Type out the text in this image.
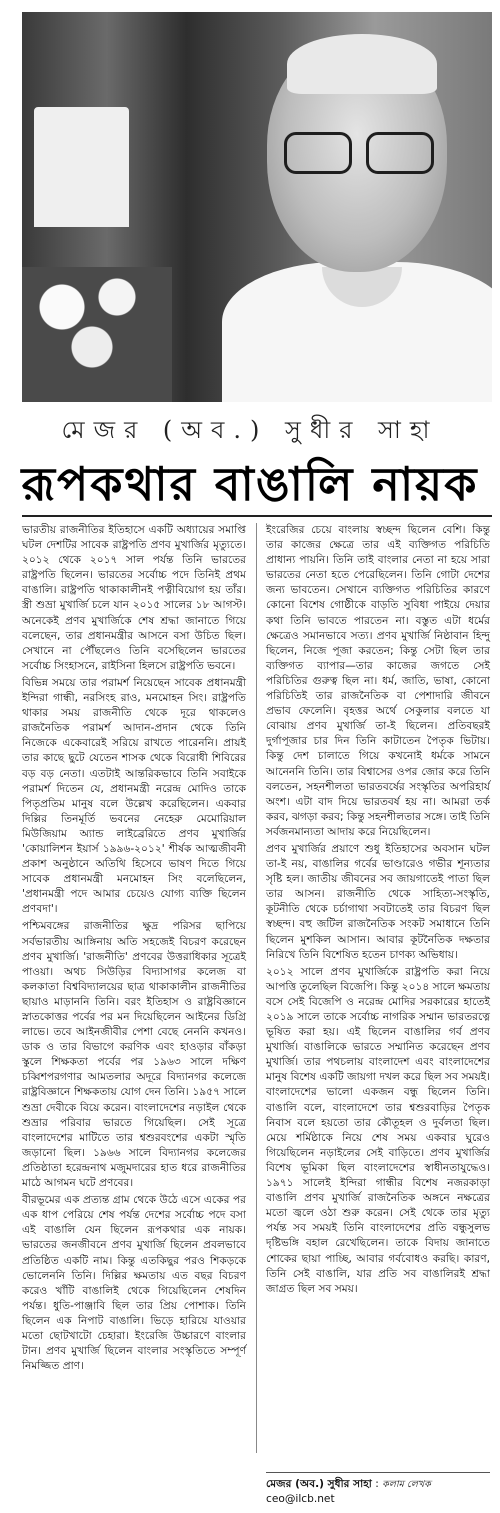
মেজর (অব.) সুধীর সাহা
রূপকথার বাঙালি নায়ক

ভারতীয় রাজনীতির ইতিহাসে একটি অধ্যায়ের সমাপ্তি ঘটল দেশটির সাবেক রাষ্ট্রপতি প্রণব মুখার্জির মৃত্যুতে। ২০১২ থেকে ২০১৭ সাল পর্যন্ত তিনি ভারতের রাষ্ট্রপতি ছিলেন। ভারতের সর্বোচ্চ পদে তিনিই প্রথম বাঙালি। রাষ্ট্রপতি থাকাকালীনই পত্নীবিয়োগ হয় তাঁর। স্ত্রী শুভ্রা মুখার্জি চলে যান ২০১৫ সালের ১৮ আগস্ট। অনেকেই প্রণব মুখার্জিকে শেষ শ্রদ্ধা জানাতে গিয়ে বলেছেন, তার প্রধানমন্ত্রীর আসনে বসা উচিত ছিল। সেখানে না পৌঁছলেও তিনি বসেছিলেন ভারতের সর্বোচ্চ সিংহাসনে, রাইসিনা হিলসে রাষ্ট্রপতি ভবনে।

বিভিন্ন সময়ে তার পরামর্শ নিয়েছেন সাবেক প্রধানমন্ত্রী ইন্দিরা গান্ধী, নরসিংহ রাও, মনমোহন সিং। রাষ্ট্রপতি থাকার সময় রাজনীতি থেকে দূরে থাকলেও রাজনৈতিক পরামর্শ আদান-প্রদান থেকে তিনি নিজেকে একেবারেই সরিয়ে রাখতে পারেননি। প্রায়ই তার কাছে ছুটে যেতেন শাসক থেকে বিরোধী শিবিরের বড় বড় নেতা। এতটাই আন্তরিকভাবে তিনি সবাইকে পরামর্শ দিতেন যে, প্রধানমন্ত্রী নরেন্দ্র মোদিও তাকে পিতৃপ্রতিম মানুষ বলে উল্লেখ করেছিলেন। একবার দিল্লির তিনমূর্তি ভবনের নেহেরু মেমোরিয়াল মিউজিয়াম অ্যান্ড লাইব্রেরিতে প্রণব মুখার্জির 'কোয়ালিশন ইয়ার্স ১৯৯৬-২০১২' শীর্ষক আত্মজীবনী প্রকাশ অনুষ্ঠানে অতিথি হিসেবে ভাষণ দিতে গিয়ে সাবেক প্রধানমন্ত্রী মনমোহন সিং বলেছিলেন, 'প্রধানমন্ত্রী পদে আমার চেয়েও যোগ্য ব্যক্তি ছিলেন প্রণবদা'।

পশ্চিমবঙ্গের রাজনীতির ক্ষুদ্র পরিসর ছাপিয়ে সর্বভারতীয় আঙ্গিনায় অতি সহজেই বিচরণ করেছেন প্রণব মুখার্জি। 'রাজনীতি' প্রণবের উত্তরাধিকার সূত্রেই পাওয়া। অথচ সিউড়ির বিদ্যাসাগর কলেজ বা কলকাতা বিশ্ববিদ্যালয়ের ছাত্র থাকাকালীন রাজনীতির ছায়াও মাড়াননি তিনি। বরং ইতিহাস ও রাষ্ট্রবিজ্ঞানে স্নাতকোত্তর পর্বের পর মন দিয়েছিলেন আইনের ডিগ্রি লাভে। তবে আইনজীবীর পেশা বেছে নেননি কখনও। ডাক ও তার বিভাগে করণিক এবং হাওড়ার বাঁকড়া স্কুলে শিক্ষকতা পর্বের পর ১৯৬৩ সালে দক্ষিণ চব্বিশপরগণার আমতলার অদূরে বিদ্যানগর কলেজে রাষ্ট্রবিজ্ঞানে শিক্ষকতায় যোগ দেন তিনি। ১৯৫৭ সালে শুভ্রা দেবীকে বিয়ে করেন। বাংলাদেশের নড়াইল থেকে শুভ্রার পরিবার ভারতে গিয়েছিল। সেই সূত্রে বাংলাদেশের মাটিতে তার শ্বশুরবংশের একটা স্মৃতি জড়ানো ছিল। ১৯৬৬ সালে বিদ্যানগর কলেজের প্রতিষ্ঠাতা হরেন্দ্রনাথ মজুমদারের হাত ধরে রাজনীতির মাঠে আগমন ঘটে প্রণবের।

বীরভূমের এক প্রত্যন্ত গ্রাম থেকে উঠে এসে একের পর এক ধাপ পেরিয়ে শেষ পর্যন্ত দেশের সর্বোচ্চ পদে বসা এই বাঙালি যেন ছিলেন রূপকথার এক নায়ক। ভারতের জনজীবনে প্রণব মুখার্জি ছিলেন প্রবলভাবে প্রতিষ্ঠিত একটি নাম। কিন্তু এতকিছুর পরও শিকড়কে ভোলেননি তিনি। দিল্লির ক্ষমতায় এত বছর বিচরণ করেও খাঁটি বাঙালিই থেকে গিয়েছিলেন শেষদিন পর্যন্ত। ধুতি-পাঞ্জাবি ছিল তার প্রিয় পোশাক। তিনি ছিলেন এক নিপাট বাঙালি। ভিড়ে হারিয়ে যাওয়ার মতো ছোটখাটো চেহারা। ইংরেজি উচ্চারণে বাংলার টান। প্রণব মুখার্জি ছিলেন বাংলার সংস্কৃতিতে সম্পূর্ণ নিমজ্জিত প্রাণ।

ইংরেজির চেয়ে বাংলায় স্বচ্ছন্দ ছিলেন বেশি। কিন্তু তার কাজের ক্ষেত্রে তার এই ব্যক্তিগত পরিচিতি প্রাধান্য পায়নি। তিনি তাই বাংলার নেতা না হয়ে সারা ভারতের নেতা হতে পেরেছিলেন। তিনি গোটা দেশের জন্য ভাবতেন। সেখানে ব্যক্তিগত পরিচিতির কারণে কোনো বিশেষ গোষ্ঠীকে বাড়তি সুবিধা পাইয়ে দেয়ার কথা তিনি ভাবতে পারতেন না। বস্তুত এটা ধর্মের ক্ষেত্রেও সমানভাবে সত্য। প্রণব মুখার্জি নিষ্ঠাবান হিন্দু ছিলেন, নিজে পূজা করতেন; কিন্তু সেটা ছিল তার ব্যক্তিগত ব্যাপার—তার কাজের জগতে সেই পরিচিতির গুরুত্ব ছিল না। ধর্ম, জাতি, ভাষা, কোনো পরিচিতিই তার রাজনৈতিক বা পেশাদারি জীবনে প্রভাব ফেলেনি। বৃহত্তর অর্থে সেকুলার বলতে যা বোঝায় প্রণব মুখার্জি তা-ই ছিলেন। প্রতিবছরই দুর্গাপূজার চার দিন তিনি কাটাতেন পৈতৃক ভিটায়। কিন্তু দেশ চালাতে গিয়ে কখনোই ধর্মকে সামনে আনেননি তিনি। তার বিশ্বাসের ওপর জোর করে তিনি বলতেন, সহনশীলতা ভারতবর্ষের সংস্কৃতির অপরিহার্য অংশ। এটা বাদ দিয়ে ভারতবর্ষ হয় না। আমরা তর্ক করব, ঝগড়া করব; কিন্তু সহনশীলতার সঙ্গে। তাই তিনি সর্বজনমান্যতা আদায় করে নিয়েছিলেন।

প্রণব মুখার্জির প্রয়াণে শুধু ইতিহাসের অবসান ঘটল তা-ই নয়, বাঙালির গর্বের ভাণ্ডারেও গভীর শূন্যতার সৃষ্টি হল। জাতীয় জীবনের সব জায়গাতেই পাতা ছিল তার আসন। রাজনীতি থেকে সাহিত্য-সংস্কৃতি, কূটনীতি থেকে চর্চাগাথা সবটাতেই তার বিচরণ ছিল স্বচ্ছন্দ। বহু জটিল রাজনৈতিক সংকট সমাধানে তিনি ছিলেন মুশকিল আসান। আবার কূটনৈতিক দক্ষতার নিরিখে তিনি বিশেষিত হতেন চাণক্য অভিধায়।

২০১২ সালে প্রণব মুখার্জিকে রাষ্ট্রপতি করা নিয়ে আপত্তি তুলেছিল বিজেপি। কিন্তু ২০১৪ সালে ক্ষমতায় বসে সেই বিজেপি ও নরেন্দ্র মোদির সরকারের হাতেই ২০১৯ সালে তাকে সর্বোচ্চ নাগরিক সম্মান ভারতরত্নে ভূষিত করা হয়। এই ছিলেন বাঙালির গর্ব প্রণব মুখার্জি। বাঙালিকে ভারতে সম্মানিত করেছেন প্রণব মুখার্জি। তার পথচলায় বাংলাদেশ এবং বাংলাদেশের মানুষ বিশেষ একটি জায়গা দখল করে ছিল সব সময়ই। বাংলাদেশের ভালো একজন বন্ধু ছিলেন তিনি। বাঙালি বলে, বাংলাদেশে তার শ্বশুরবাড়ির পৈতৃক নিবাস বলে হয়তো তার কৌতূহল ও দুর্বলতা ছিল। মেয়ে শর্মিষ্ঠাকে নিয়ে শেষ সময় একবার ঘুরেও গিয়েছিলেন নড়াইলের সেই বাড়িতে। প্রণব মুখার্জির বিশেষ ভূমিকা ছিল বাংলাদেশের স্বাধীনতাযুদ্ধেও। ১৯৭১ সালেই ইন্দিরা গান্ধীর বিশেষ নজরকাড়া বাঙালি প্রণব মুখার্জি রাজনৈতিক অঙ্গনে নক্ষত্রের মতো জ্বলে ওঠা শুরু করেন। সেই থেকে তার মৃত্যু পর্যন্ত সব সময়ই তিনি বাংলাদেশের প্রতি বন্ধুসুলভ দৃষ্টিভঙ্গি বহাল রেখেছিলেন। তাকে বিদায় জানাতে শোকের ছায়া পাচ্ছি, আবার গর্ববোধও করছি। কারণ, তিনি সেই বাঙালি, যার প্রতি সব বাঙালিরই শ্রদ্ধা জাগ্রত ছিল সব সময়।

মেজর (অব.) সুধীর সাহা : কলাম লেখক
ceo@ilcb.net
